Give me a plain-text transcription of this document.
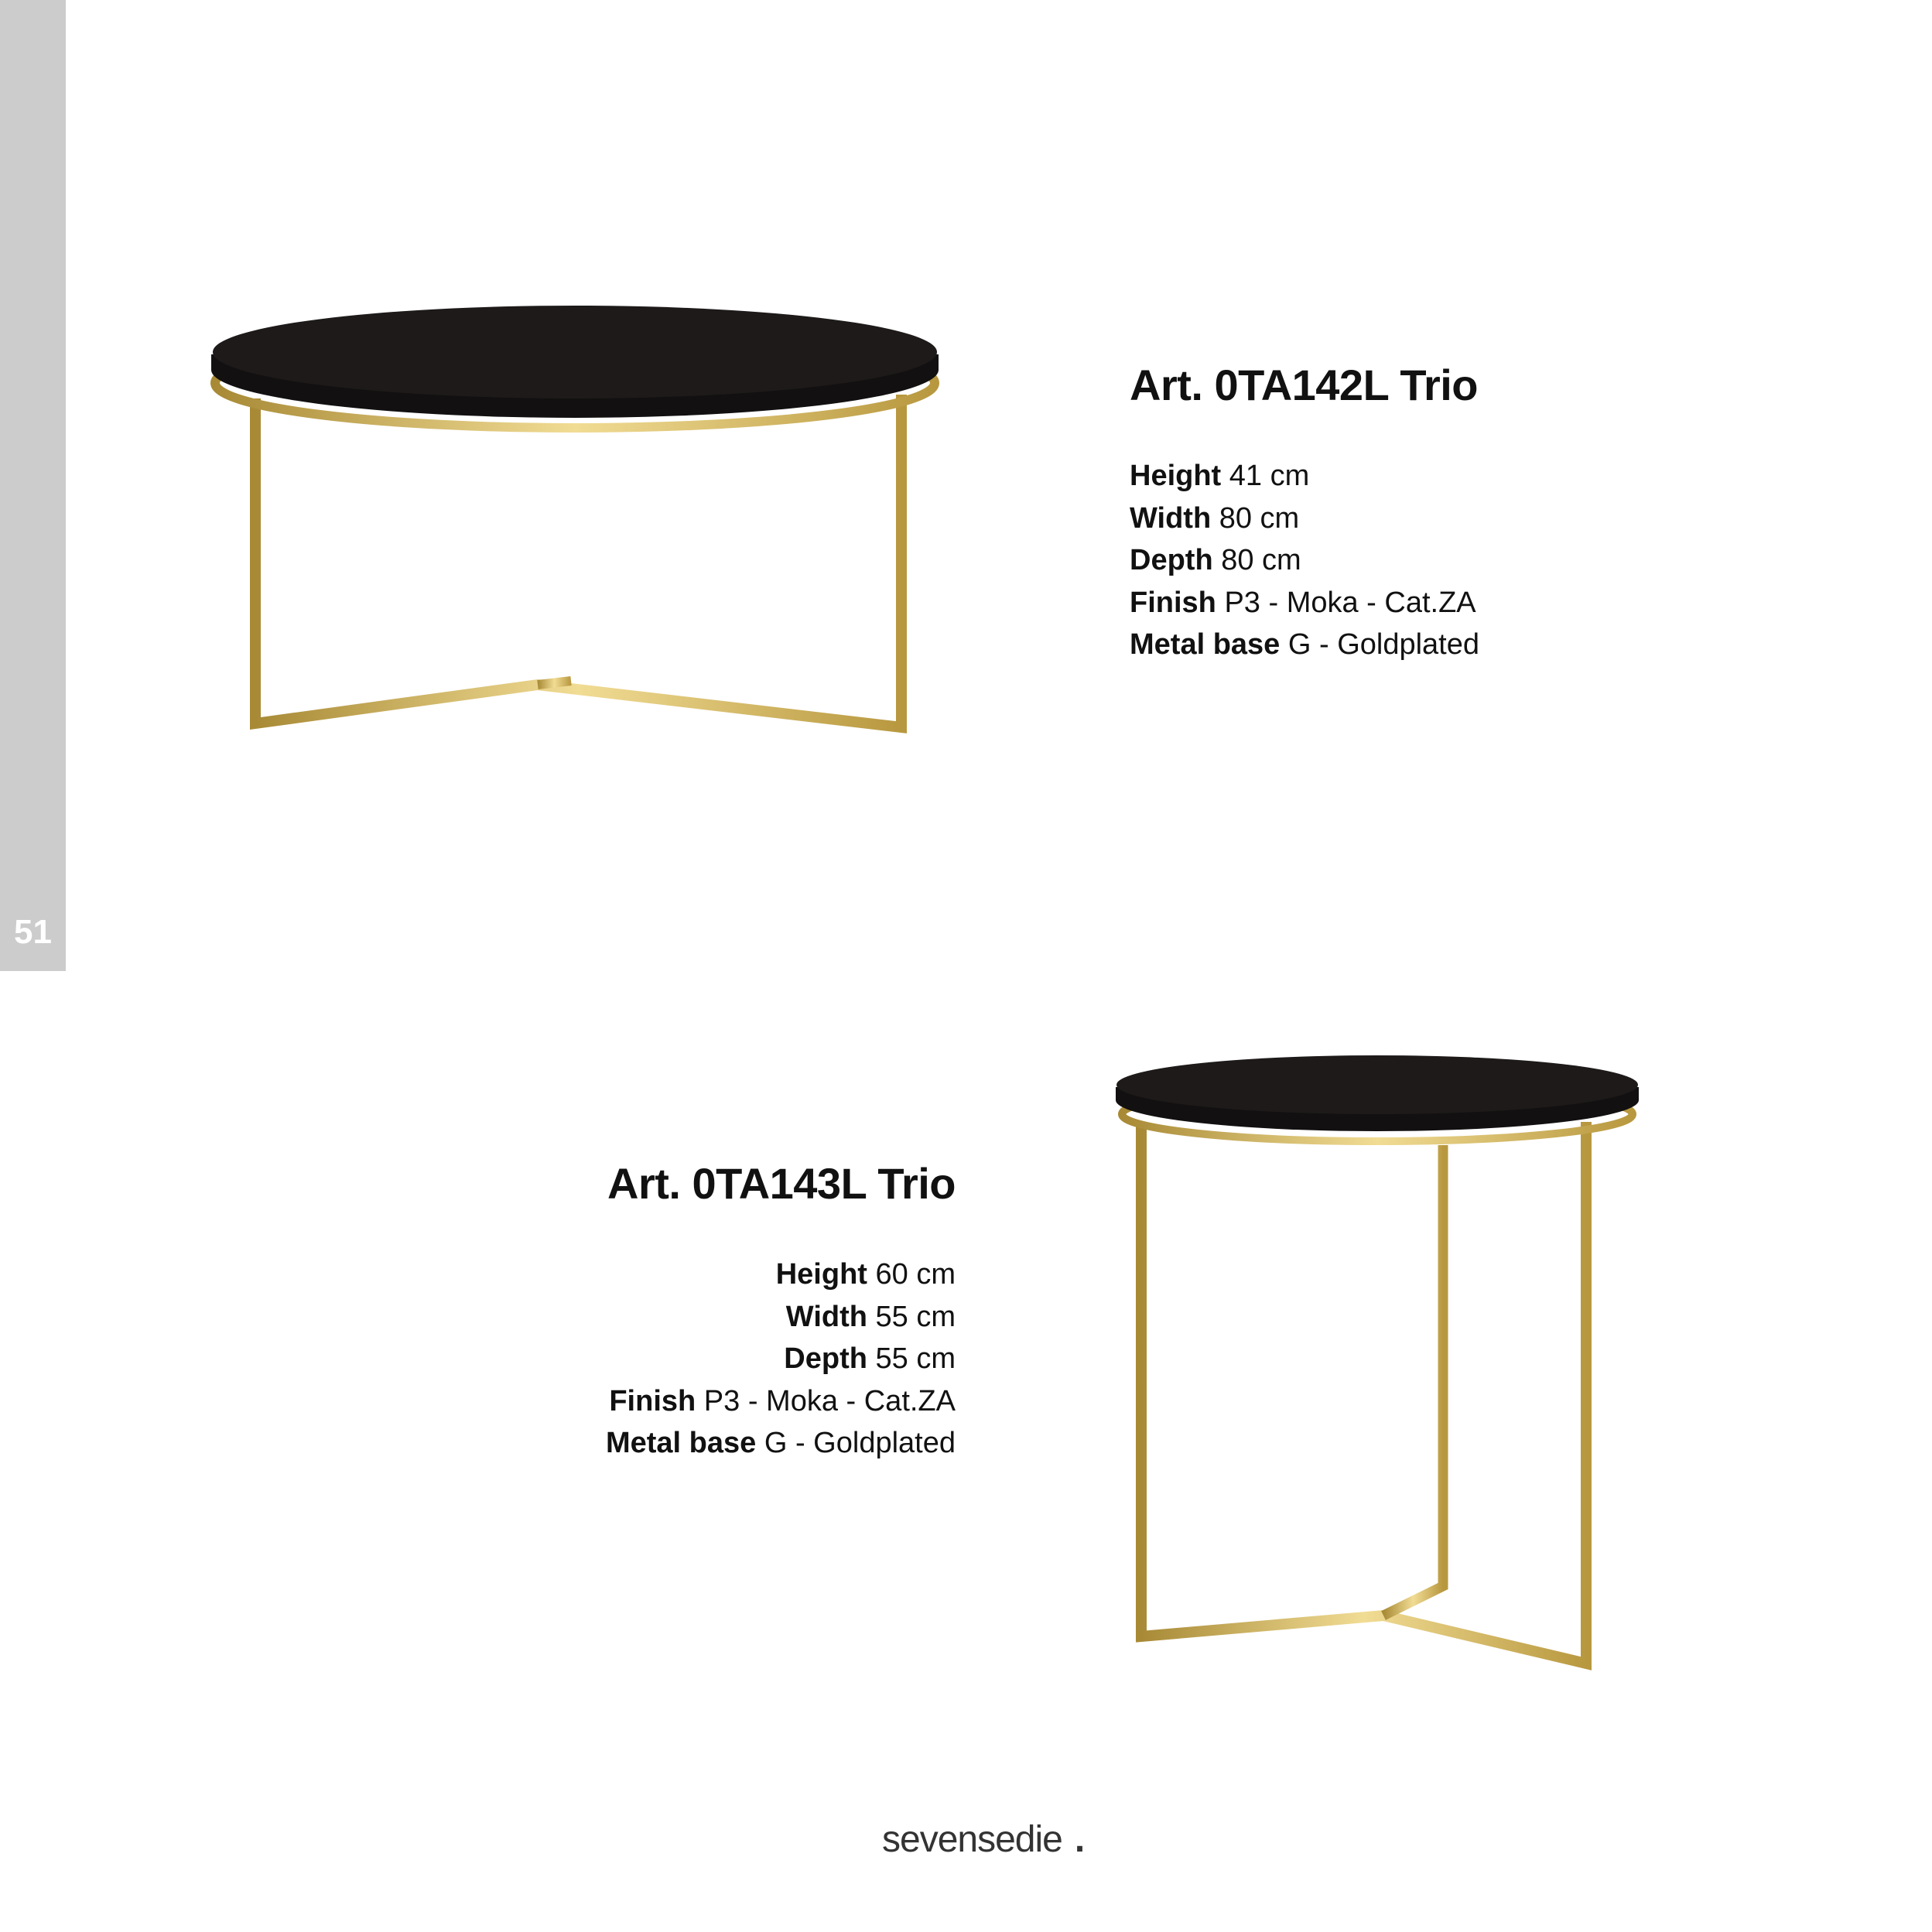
51
Art. 0TA142L Trio
Height 41 cm
Width 80 cm
Depth 80 cm
Finish P3 - Moka - Cat.ZA
Metal base G - Goldplated
Art. 0TA143L Trio
Height 60 cm
Width 55 cm
Depth 55 cm
Finish P3 - Moka - Cat.ZA
Metal base G - Goldplated
sevensedie .
